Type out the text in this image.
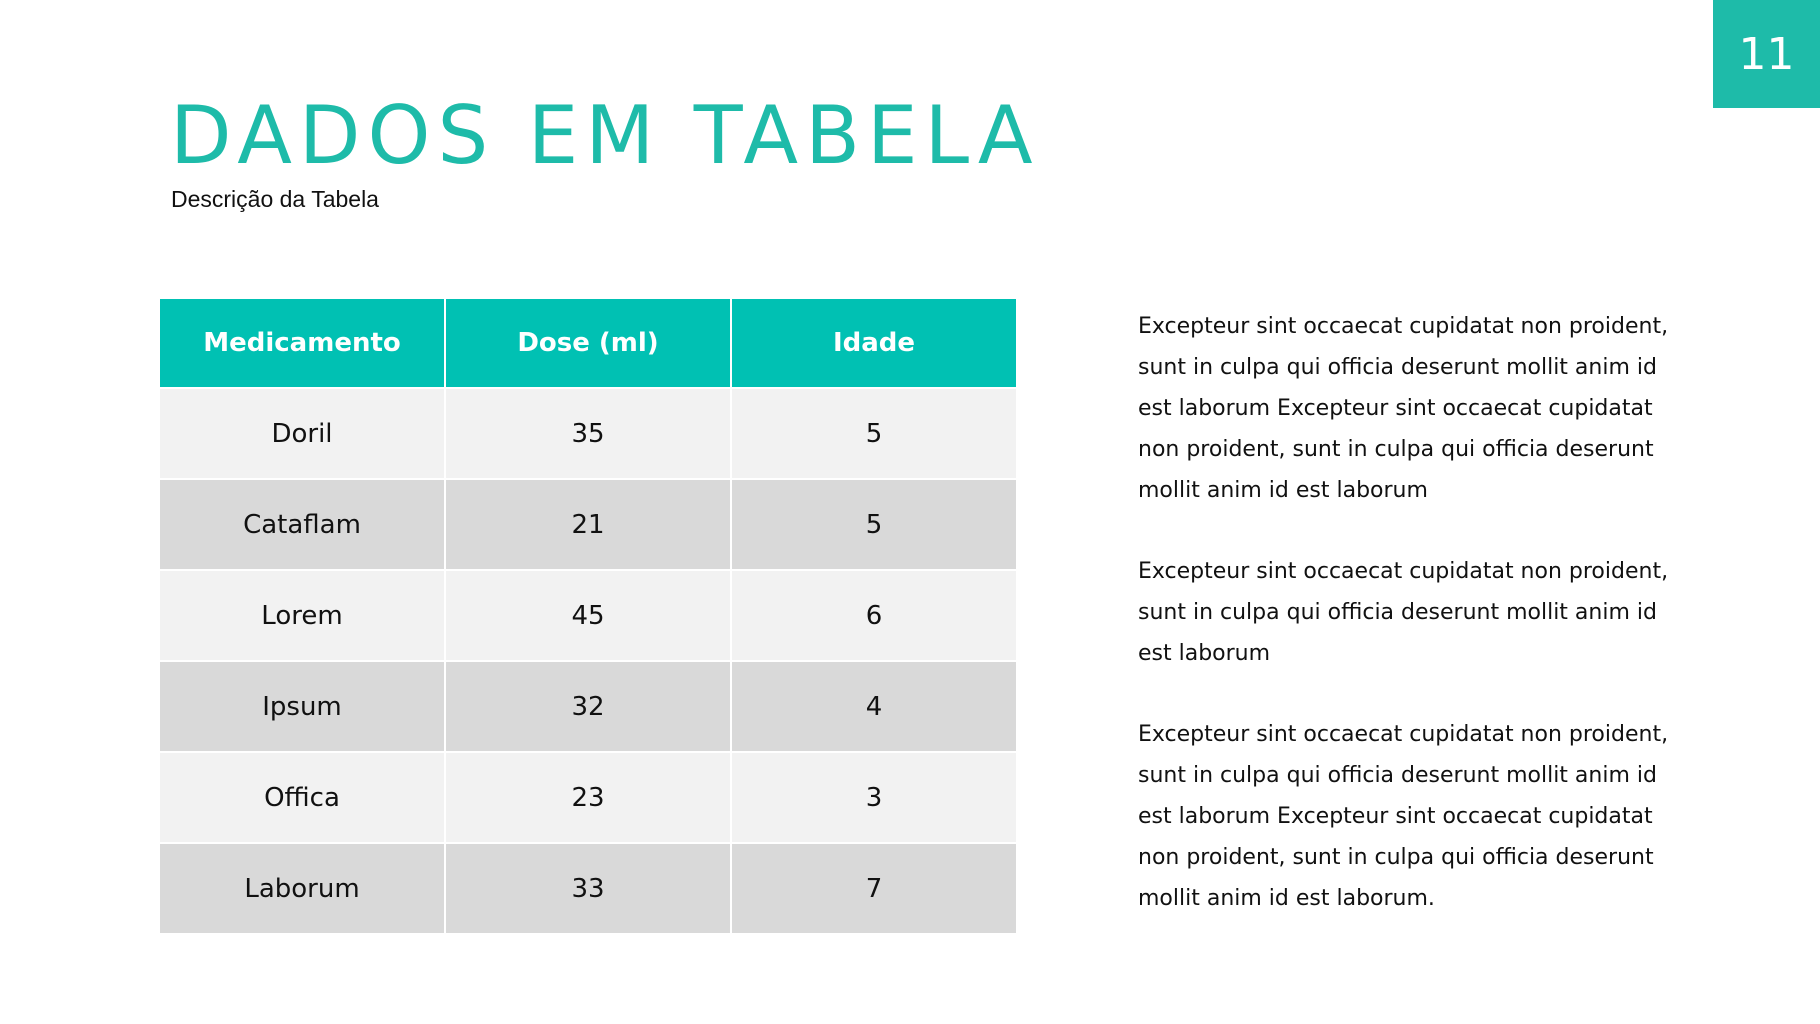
11
DADOS EM TABELA
Descrição da Tabela
Medicamento	Dose (ml)	Idade
Doril	35	5
Cataflam	21	5
Lorem	45	6
Ipsum	32	4
Offica	23	3
Laborum	33	7

Excepteur sint occaecat cupidatat non proident, sunt in culpa qui officia deserunt mollit anim id est laborum Excepteur sint occaecat cupidatat non proident, sunt in culpa qui officia deserunt mollit anim id est laborum

Excepteur sint occaecat cupidatat non proident, sunt in culpa qui officia deserunt mollit anim id est laborum

Excepteur sint occaecat cupidatat non proident, sunt in culpa qui officia deserunt mollit anim id est laborum Excepteur sint occaecat cupidatat non proident, sunt in culpa qui officia deserunt mollit anim id est laborum.
